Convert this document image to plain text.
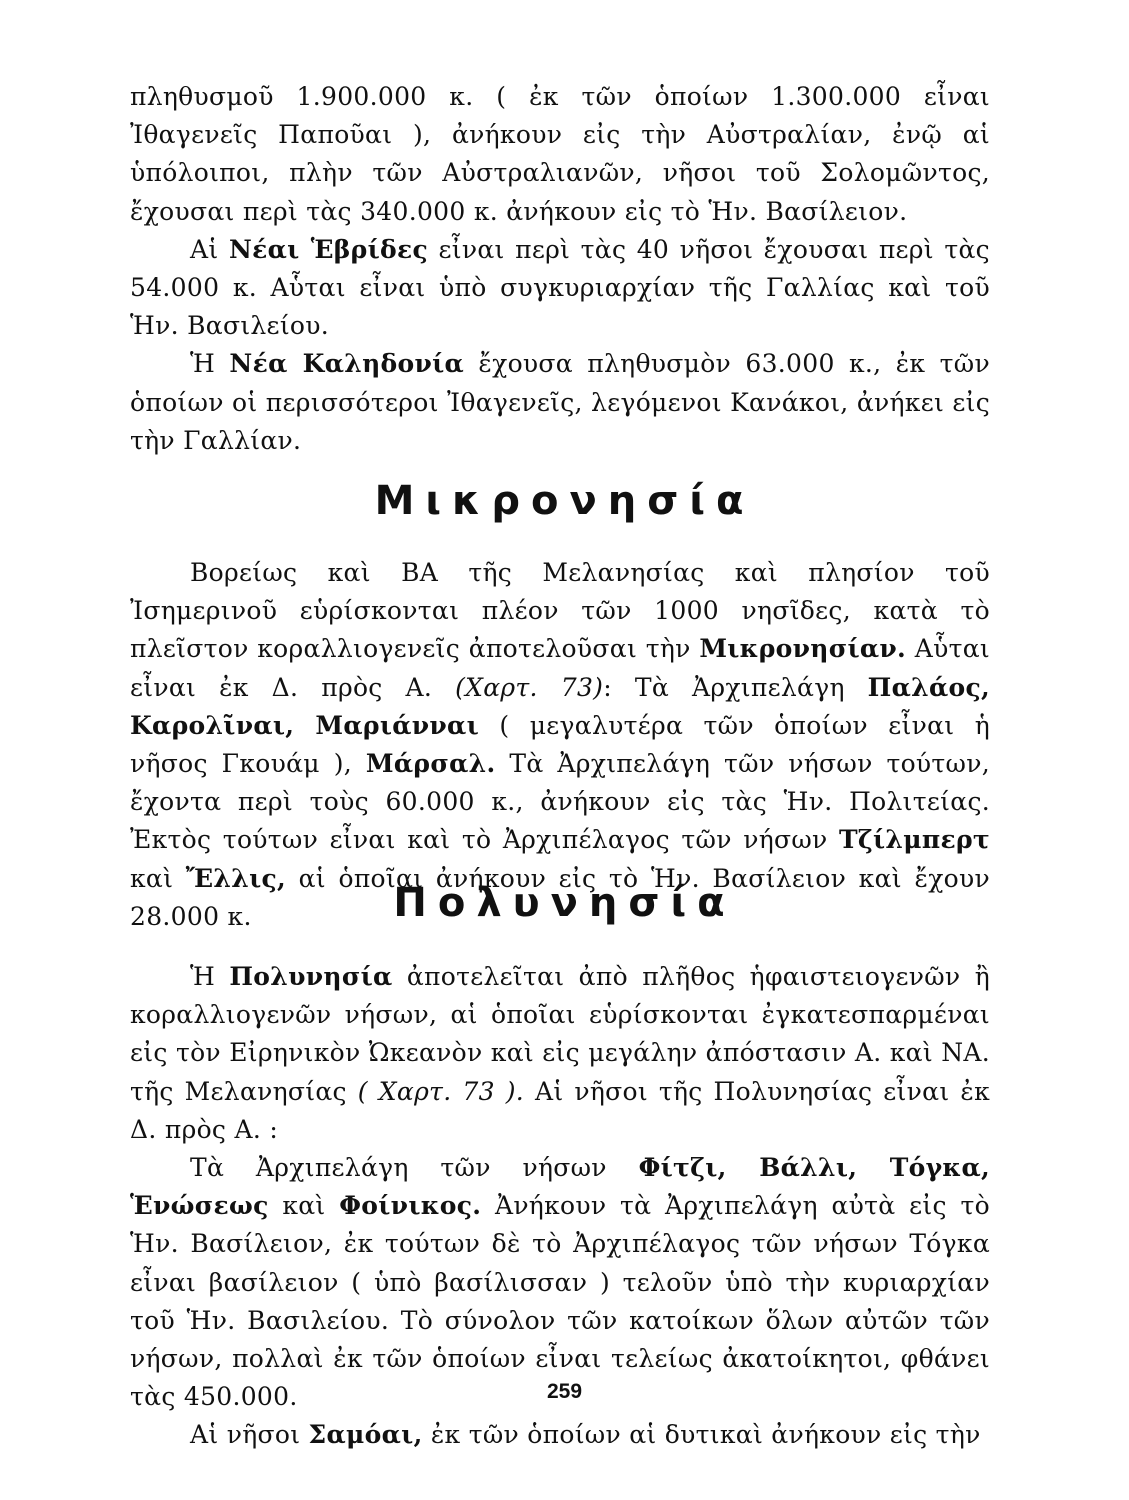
πληθυσμοῦ 1.900.000 κ. ( ἐκ τῶν ὁποίων 1.300.000 εἶναι Ἰθαγενεῖς Παποῦαι ), ἀνήκουν εἰς τὴν Αὐστραλίαν, ἐνῷ αἱ ὑπόλοιποι, πλὴν τῶν Αὐστραλιανῶν, νῆσοι τοῦ Σολομῶντος, ἔχουσαι περὶ τὰς 340.000 κ. ἀνήκουν εἰς τὸ Ἡν. Βασίλειον.

Αἱ Νέαι Ἑβρίδες εἶναι περὶ τὰς 40 νῆσοι ἔχουσαι περὶ τὰς 54.000 κ. Αὗται εἶναι ὑπὸ συγκυριαρχίαν τῆς Γαλλίας καὶ τοῦ Ἡν. Βασιλείου.

Ἡ Νέα Καληδονία ἔχουσα πληθυσμὸν 63.000 κ., ἐκ τῶν ὁποίων οἱ περισσότεροι Ἰθαγενεῖς, λεγόμενοι Κανάκοι, ἀνήκει εἰς τὴν Γαλλίαν.

Μικρονησία

Βορείως καὶ ΒΑ τῆς Μελανησίας καὶ πλησίον τοῦ Ἰσημερινοῦ εὑρίσκονται πλέον τῶν 1000 νησῖδες, κατὰ τὸ πλεῖστον κοραλλιογενεῖς ἀποτελοῦσαι τὴν Μικρονησίαν. Αὗται εἶναι ἐκ Δ. πρὸς Α. (Χαρτ. 73): Τὰ Ἀρχιπελάγη Παλάος, Καρολῖναι, Μαριάνναι ( μεγαλυτέρα τῶν ὁποίων εἶναι ἡ νῆσος Γκουάμ ), Μάρσαλ. Τὰ Ἀρχιπελάγη τῶν νήσων τούτων, ἔχοντα περὶ τοὺς 60.000 κ., ἀνήκουν εἰς τὰς Ἡν. Πολιτείας. Ἐκτὸς τούτων εἶναι καὶ τὸ Ἀρχιπέλαγος τῶν νήσων Τζίλμπερτ καὶ Ἔλλις, αἱ ὁποῖαι ἀνήκουν εἰς τὸ Ἡν. Βασίλειον καὶ ἔχουν 28.000 κ.	Πολυνησία

Ἡ Πολυνησία ἀποτελεῖται ἀπὸ πλῆθος ἡφαιστειογενῶν ἢ κοραλλιογενῶν νήσων, αἱ ὁποῖαι εὑρίσκονται ἐγκατεσπαρμέναι εἰς τὸν Εἰρηνικὸν Ὠκεανὸν καὶ εἰς μεγάλην ἀπόστασιν Α. καὶ ΝΑ. τῆς Μελανησίας ( Χαρτ. 73 ). Αἱ νῆσοι τῆς Πολυνησίας εἶναι ἐκ Δ. πρὸς Α. :

Τὰ Ἀρχιπελάγη τῶν νήσων Φίτζι, Βάλλι, Τόγκα, Ἑνώσεως καὶ Φοίνικος. Ἀνήκουν τὰ Ἀρχιπελάγη αὐτὰ εἰς τὸ Ἡν. Βασίλειον, ἐκ τούτων δὲ τὸ Ἀρχιπέλαγος τῶν νήσων Τόγκα εἶναι βασίλειον ( ὑπὸ βασίλισσαν ) τελοῦν ὑπὸ τὴν κυριαρχίαν τοῦ Ἡν. Βασιλείου. Τὸ σύνολον τῶν κατοίκων ὅλων αὐτῶν τῶν νήσων, πολλαὶ ἐκ τῶν ὁποίων εἶναι τελείως ἀκατοίκητοι, φθάνει τὰς 450.000.

Αἱ νῆσοι Σαμόαι, ἐκ τῶν ὁποίων αἱ δυτικαὶ ἀνήκουν εἰς τὴν

259
